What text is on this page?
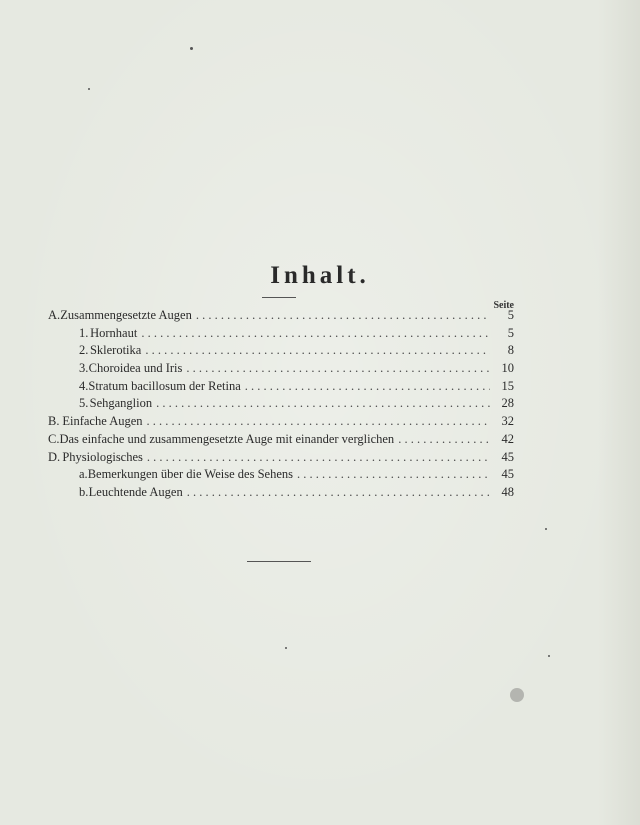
Inhalt.
Seite
A. Zusammengesetzte Augen . . .	5
1. Hornhaut . . .	5
2. Sklerotika . . .	8
3. Choroidea und Iris . . .	10
4. Stratum bacillosum der Retina . . .	15
5. Sehganglion . . .	28
B. Einfache Augen . . .	32
C. Das einfache und zusammengesetzte Auge mit einander verglichen . . .	42
D. Physiologisches . . .	45
a. Bemerkungen über die Weise des Sehens . . .	45
b. Leuchtende Augen . . .	48
